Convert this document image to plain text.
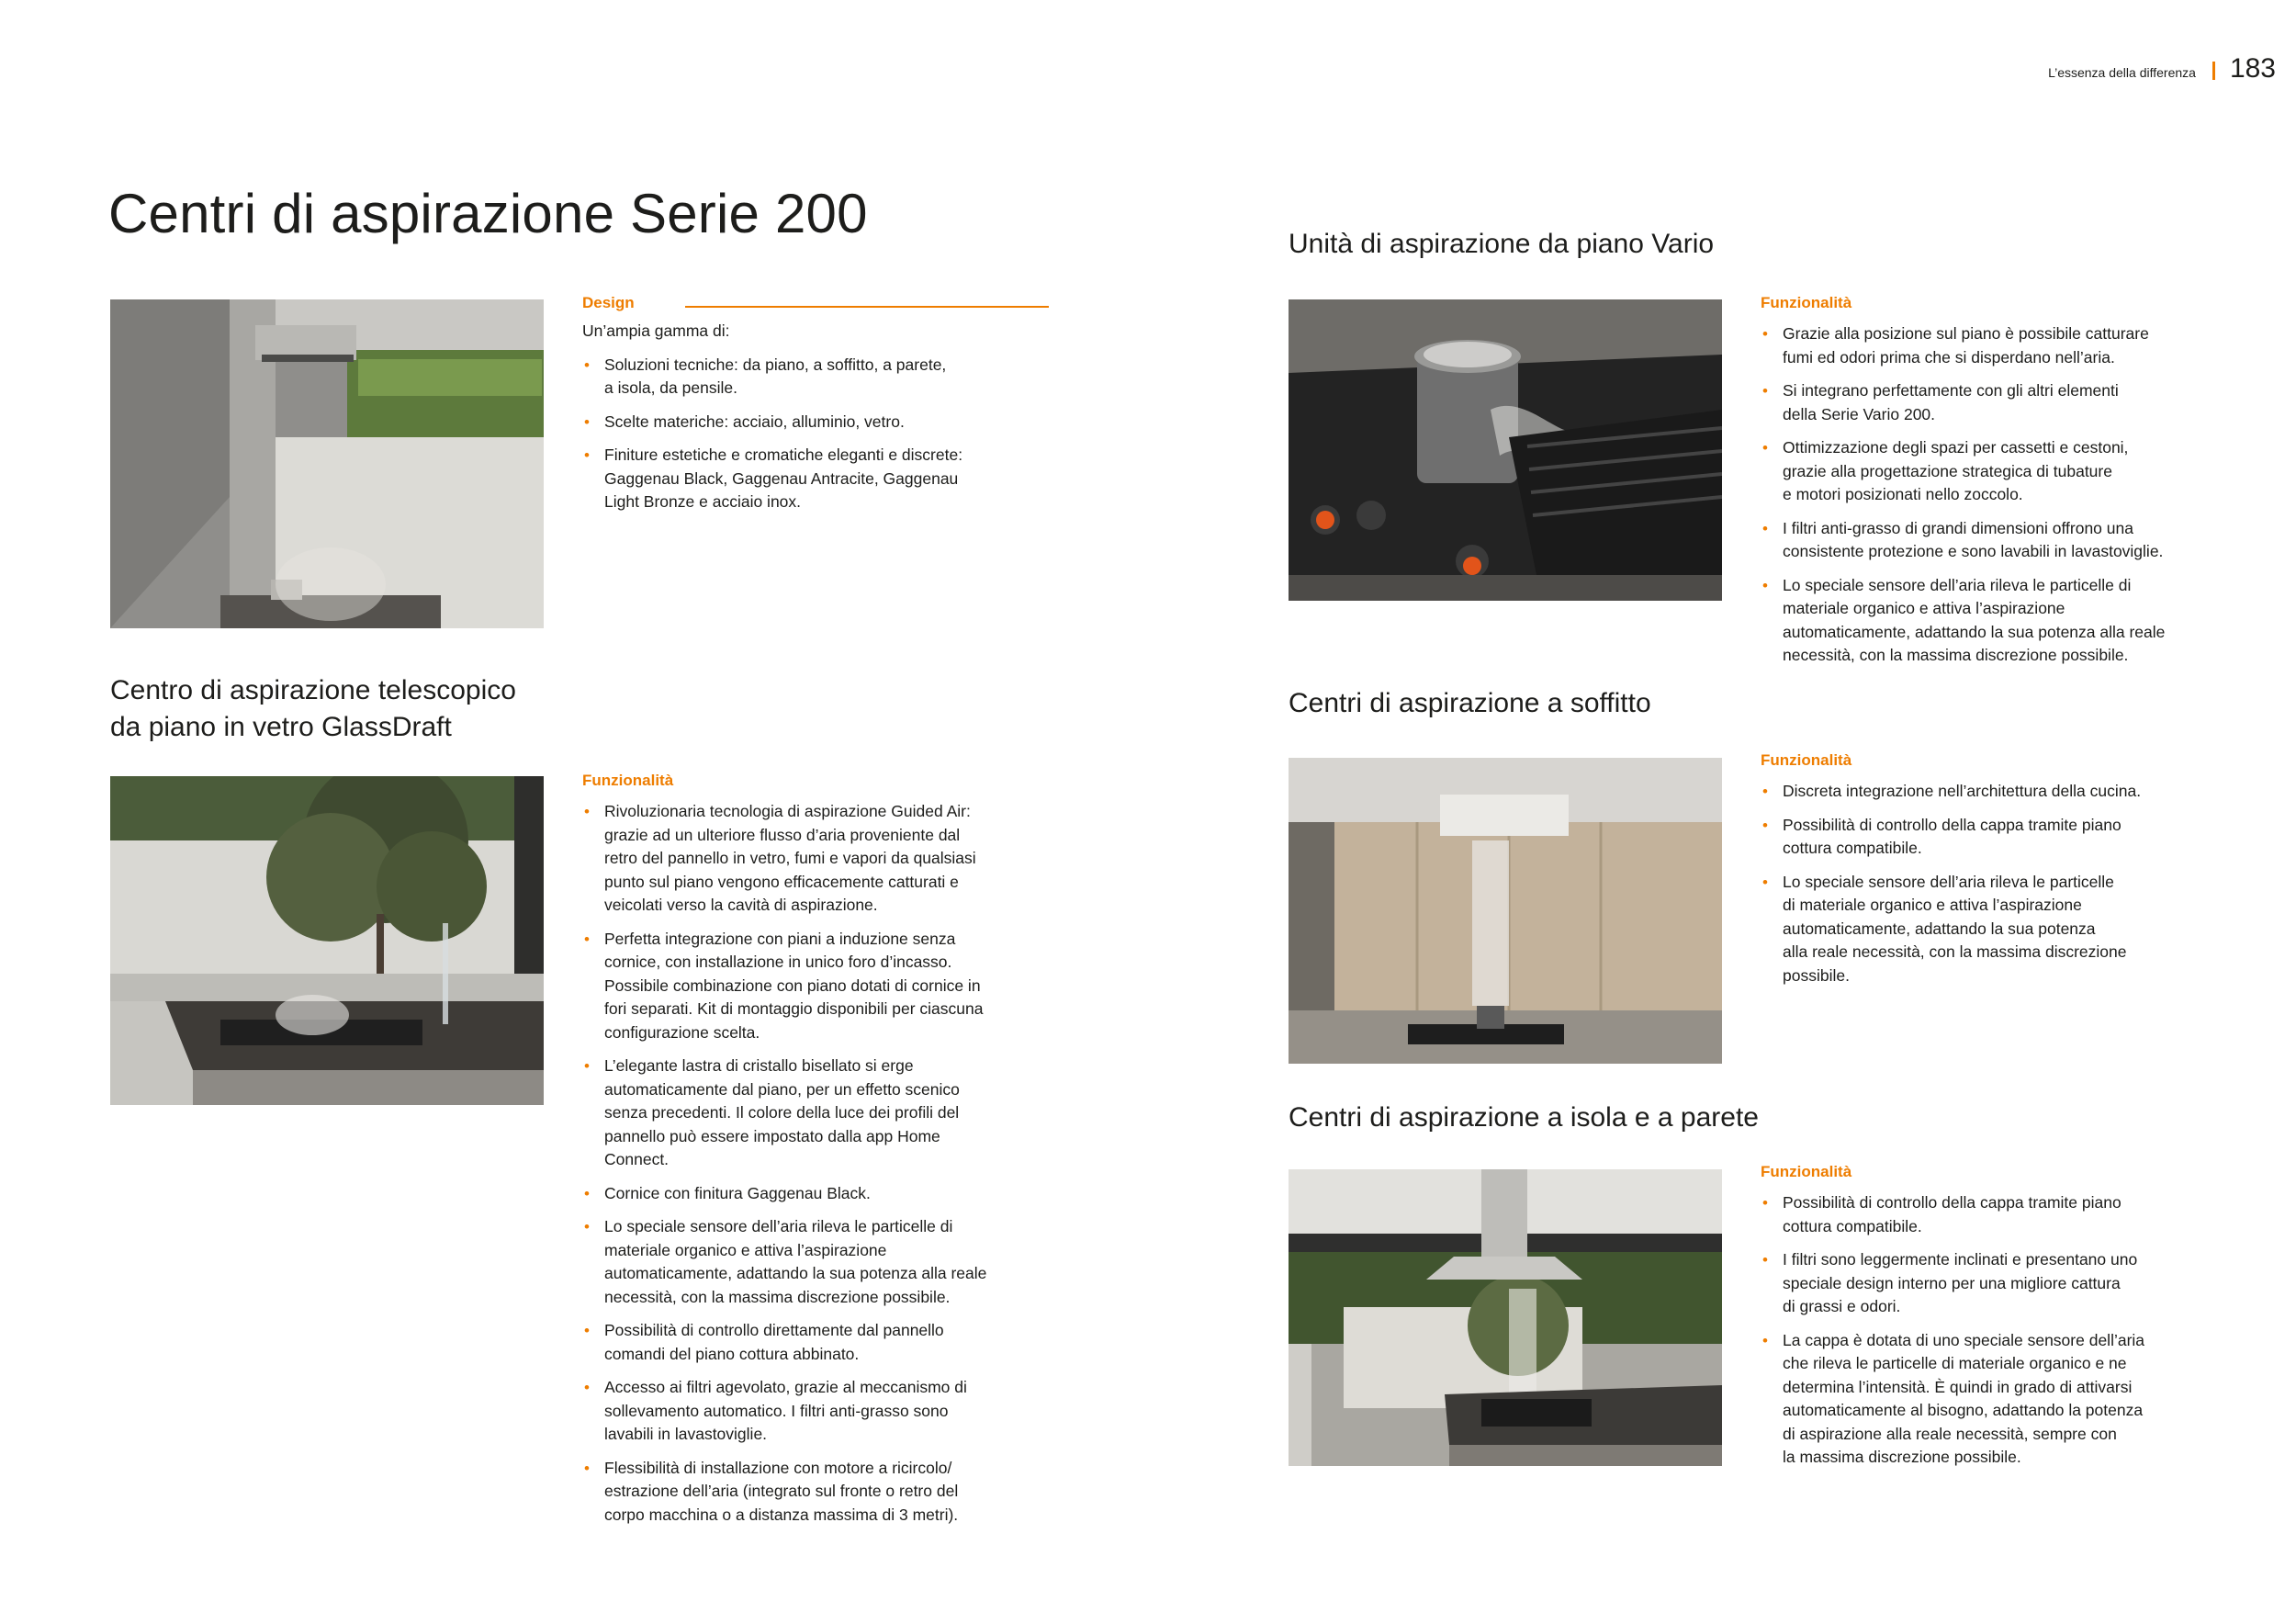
L’essenza della differenza 183
Centri di aspirazione Serie 200
Design
Un’ampia gamma di:
• Soluzioni tecniche: da piano, a soffitto, a parete,
a isola, da pensile.
• Scelte materiche: acciaio, alluminio, vetro.
• Finiture estetiche e cromatiche eleganti e discrete:
Gaggenau Black, Gaggenau Antracite, Gaggenau
Light Bronze e acciaio inox.
Centro di aspirazione telescopico
da piano in vetro GlassDraft
Funzionalità
• Rivoluzionaria tecnologia di aspirazione Guided Air:
grazie ad un ulteriore flusso d’aria proveniente dal
retro del pannello in vetro, fumi e vapori da qualsiasi
punto sul piano vengono efficacemente catturati e
veicolati verso la cavità di aspirazione.
• Perfetta integrazione con piani a induzione senza
cornice, con installazione in unico foro d’incasso.
Possibile combinazione con piano dotati di cornice in
fori separati. Kit di montaggio disponibili per ciascuna
configurazione scelta.
• L’elegante lastra di cristallo bisellato si erge
automaticamente dal piano, per un effetto scenico
senza precedenti. Il colore della luce dei profili del
pannello può essere impostato dalla app Home
Connect.
• Cornice con finitura Gaggenau Black.
• Lo speciale sensore dell’aria rileva le particelle di
materiale organico e attiva l’aspirazione
automaticamente, adattando la sua potenza alla reale
necessità, con la massima discrezione possibile.
• Possibilità di controllo direttamente dal pannello
comandi del piano cottura abbinato.
• Accesso ai filtri agevolato, grazie al meccanismo di
sollevamento automatico. I filtri anti-grasso sono
lavabili in lavastoviglie.
• Flessibilità di installazione con motore a ricircolo/
estrazione dell’aria (integrato sul fronte o retro del
corpo macchina o a distanza massima di 3 metri).
Unità di aspirazione da piano Vario
Funzionalità
• Grazie alla posizione sul piano è possibile catturare
fumi ed odori prima che si disperdano nell’aria.
• Si integrano perfettamente con gli altri elementi
della Serie Vario 200.
• Ottimizzazione degli spazi per cassetti e cestoni,
grazie alla progettazione strategica di tubature
e motori posizionati nello zoccolo.
• I filtri anti-grasso di grandi dimensioni offrono una
consistente protezione e sono lavabili in lavastoviglie.
• Lo speciale sensore dell’aria rileva le particelle di
materiale organico e attiva l’aspirazione
automaticamente, adattando la sua potenza alla reale
necessità, con la massima discrezione possibile.
Centri di aspirazione a soffitto
Funzionalità
• Discreta integrazione nell’architettura della cucina.
• Possibilità di controllo della cappa tramite piano
cottura compatibile.
• Lo speciale sensore dell’aria rileva le particelle
di materiale organico e attiva l’aspirazione
automaticamente, adattando la sua potenza
alla reale necessità, con la massima discrezione
possibile.
Centri di aspirazione a isola e a parete
Funzionalità
• Possibilità di controllo della cappa tramite piano
cottura compatibile.
• I filtri sono leggermente inclinati e presentano uno
speciale design interno per una migliore cattura
di grassi e odori.
• La cappa è dotata di uno speciale sensore dell’aria
che rileva le particelle di materiale organico e ne
determina l’intensità. È quindi in grado di attivarsi
automaticamente al bisogno, adattando la potenza
di aspirazione alla reale necessità, sempre con
la massima discrezione possibile.
